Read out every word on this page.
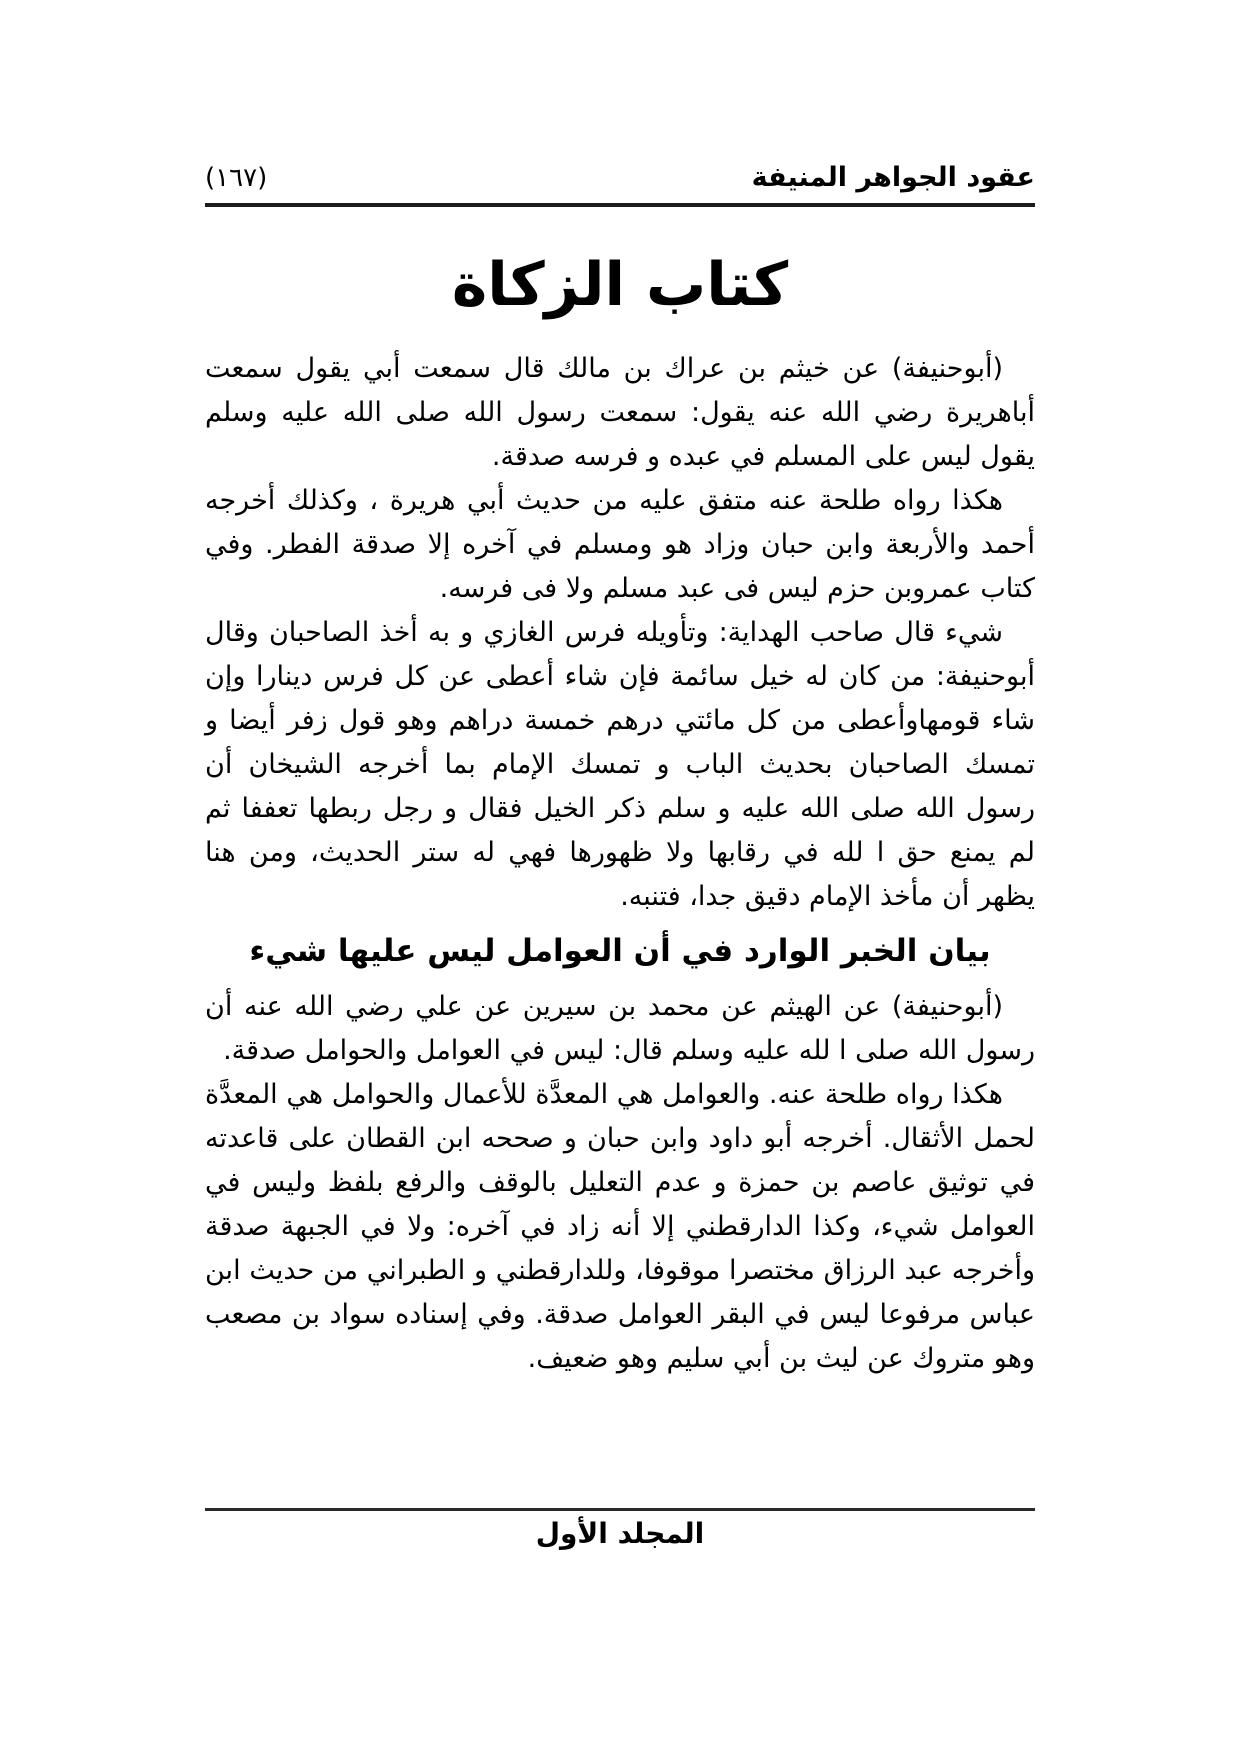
عقود الجواهر المنيفة
(١٦٧)
كتاب الزكاة

(أبوحنيفة) عن خيثم بن عراك بن مالك قال سمعت أبي يقول سمعت أباهريرة رضي الله عنه يقول: سمعت رسول الله صلى الله عليه وسلم يقول ليس على المسلم في عبده و فرسه صدقة.

هكذا رواه طلحة عنه متفق عليه من حديث أبي هريرة ، وكذلك أخرجه أحمد والأربعة وابن حبان وزاد هو ومسلم في آخره إلا صدقة الفطر. وفي كتاب عمروبن حزم ليس فى عبد مسلم ولا فى فرسه.

شيء قال صاحب الهداية: وتأويله فرس الغازي و به أخذ الصاحبان وقال أبوحنيفة: من كان له خيل سائمة فإن شاء أعطى عن كل فرس دينارا وإن شاء قومهاوأعطى من كل مائتي درهم خمسة دراهم وهو قول زفر أيضا و تمسك الصاحبان بحديث الباب و تمسك الإمام بما أخرجه الشيخان أن رسول الله صلى الله عليه و سلم ذكر الخيل فقال و رجل ربطها تعففا ثم لم يمنع حق ا لله في رقابها ولا ظهورها فهي له ستر الحديث، ومن هنا يظهر أن مأخذ الإمام دقيق جدا، فتنبه.

بيان الخبر الوارد في أن العوامل ليس عليها شيء

(أبوحنيفة) عن الهيثم عن محمد بن سيرين عن علي رضي الله عنه أن رسول الله صلى ا لله عليه وسلم قال: ليس في العوامل والحوامل صدقة.

هكذا رواه طلحة عنه. والعوامل هي المعدَّة للأعمال والحوامل هي المعدَّة لحمل الأثقال. أخرجه أبو داود وابن حبان و صححه ابن القطان على قاعدته في توثيق عاصم بن حمزة و عدم التعليل بالوقف والرفع بلفظ وليس في العوامل شيء، وكذا الدارقطني إلا أنه زاد في آخره: ولا في الجبهة صدقة وأخرجه عبد الرزاق مختصرا موقوفا، وللدارقطني و الطبراني من حديث ابن عباس مرفوعا ليس في البقر العوامل صدقة. وفي إسناده سواد بن مصعب وهو متروك عن ليث بن أبي سليم وهو ضعيف.

المجلد الأول
